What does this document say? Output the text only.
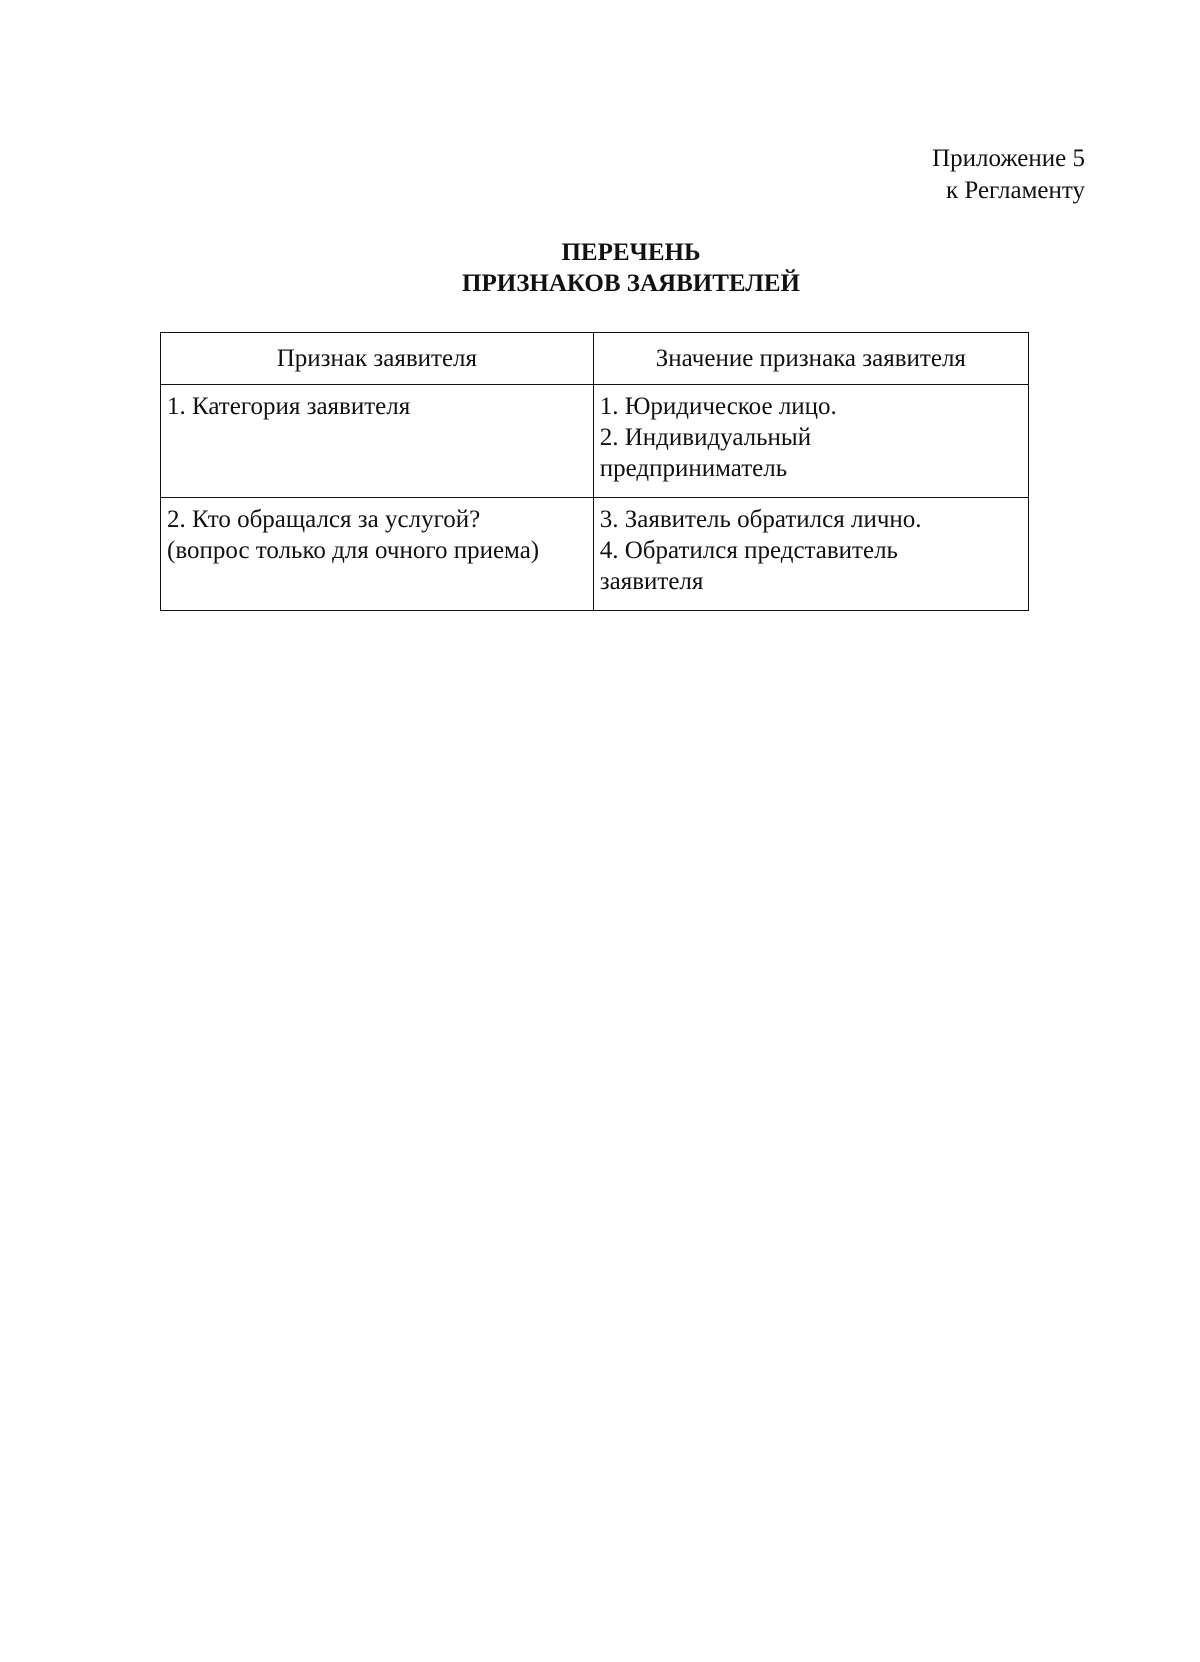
Приложение 5
к Регламенту
ПЕРЕЧЕНЬ
ПРИЗНАКОВ ЗАЯВИТЕЛЕЙ
Признак заявителя	Значение признака заявителя

1. Категория заявителя	1. Юридическое лицо.
2. Индивидуальный
предприниматель

2. Кто обращался за услугой?
(вопрос только для очного приема)	3. Заявитель обратился лично.
4. Обратился представитель
заявителя
